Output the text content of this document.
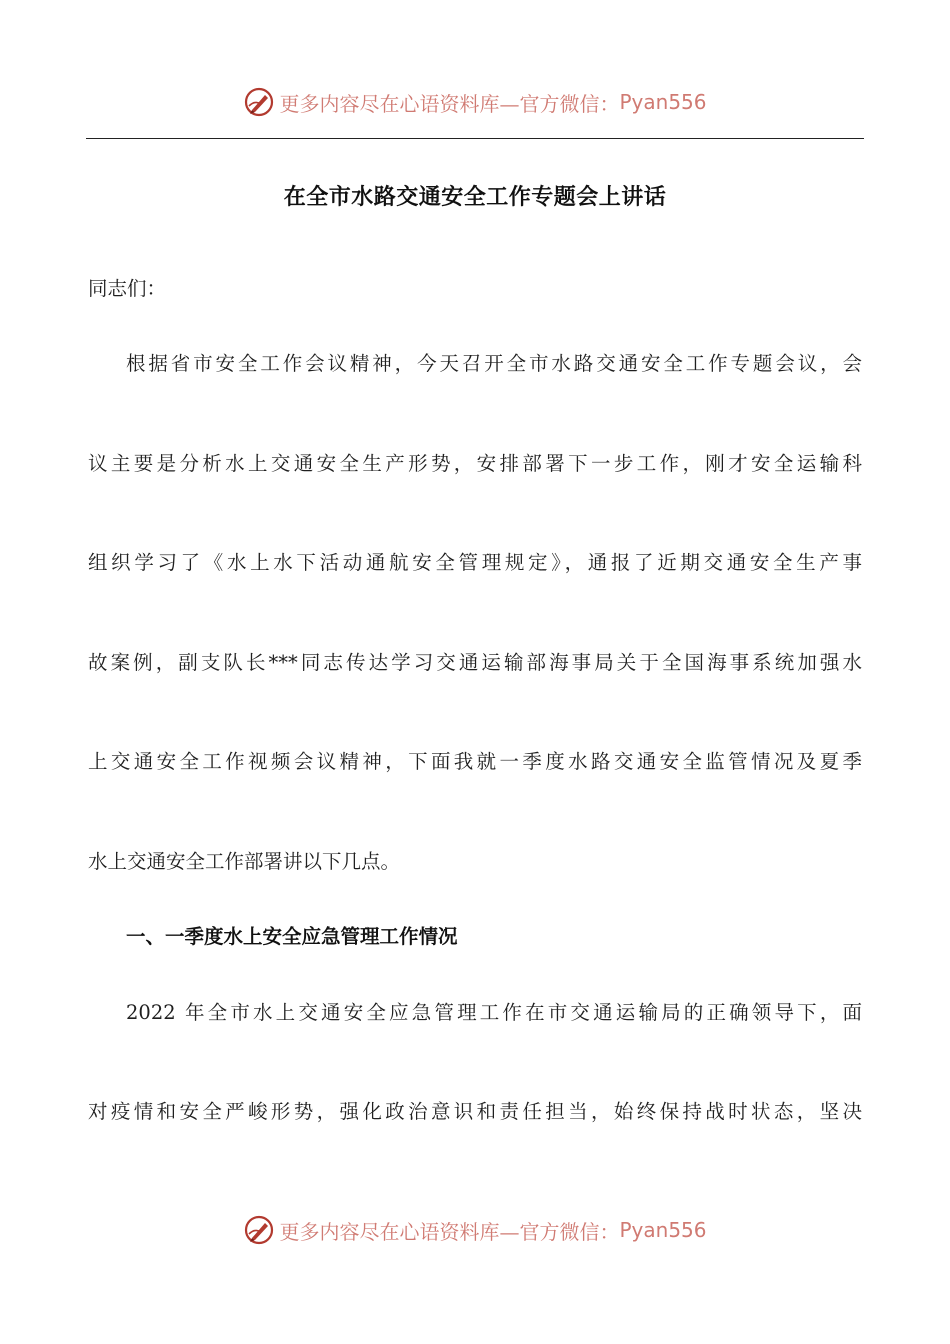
更多内容尽在心语资料库—官方微信： Pyan556
在全市水路交通安全工作专题会上讲话
同志们：
根据省市安全工作会议精神，今天召开全市水路交通安全工作专题会议，会
议主要是分析水上交通安全生产形势，安排部署下一步工作，刚才安全运输科
组织学习了《水上水下活动通航安全管理规定》，通报了近期交通安全生产事
故案例，副支队长***同志传达学习交通运输部海事局关于全国海事系统加强水
上交通安全工作视频会议精神，下面我就一季度水路交通安全监管情况及夏季
水上交通安全工作部署讲以下几点。
一、一季度水上安全应急管理工作情况
2022 年全市水上交通安全应急管理工作在市交通运输局的正确领导下，面
对疫情和安全严峻形势，强化政治意识和责任担当，始终保持战时状态，坚决
更多内容尽在心语资料库—官方微信： Pyan556
